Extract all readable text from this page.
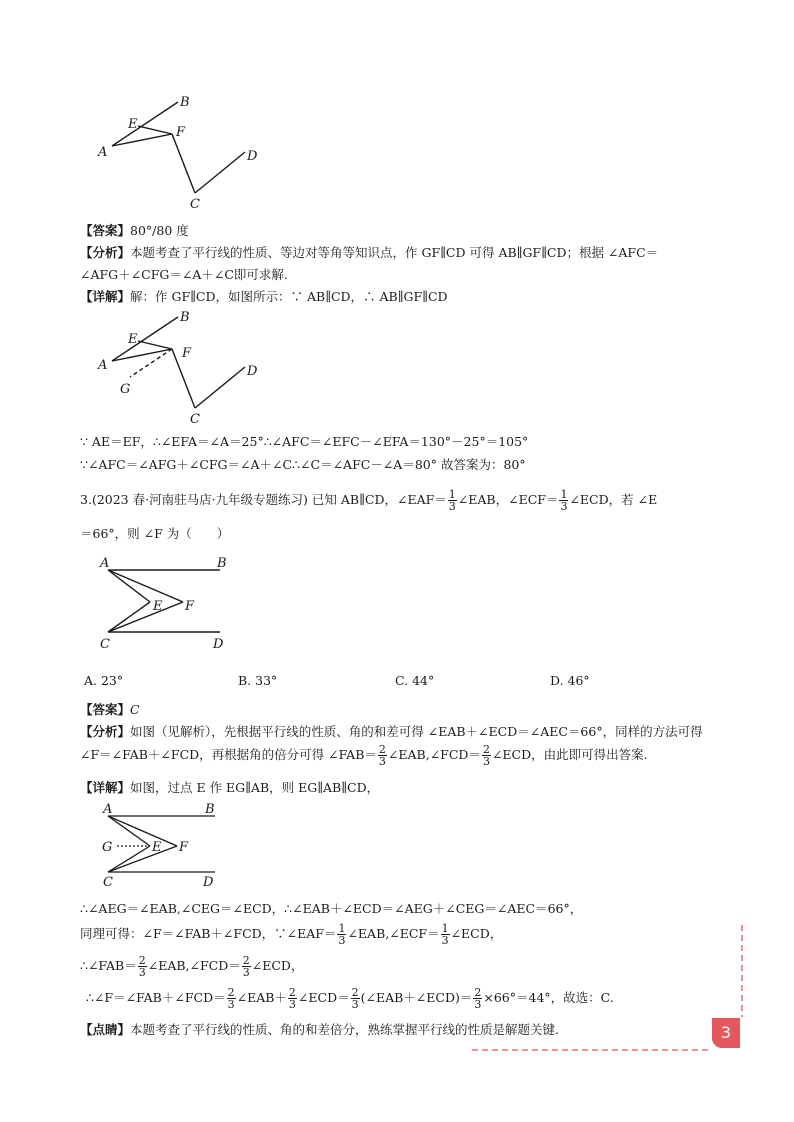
B
E
F
A	D
C
【答案】80°/80 度
【分析】本题考查了平行线的性质、等边对等角等知识点，作 GF∥CD 可得 AB∥GF∥CD；根据 ∠AFC＝
∠AFG＋∠CFG＝∠A＋∠C即可求解.
【详解】解：作 GF∥CD，如图所示：∵ AB∥CD，∴ AB∥GF∥CD
B
E
F
A
G
D
C
∵ AE＝EF，∴∠EFA＝∠A＝25°∴∠AFC＝∠EFC－∠EFA＝130°－25°＝105°
∵∠AFC＝∠AFG＋∠CFG＝∠A＋∠C∴∠C＝∠AFC－∠A＝80° 故答案为：80°
3.(2023 春·河南驻马店·九年级专题练习) 已知 AB∥CD，∠EAF＝ $\frac{1}{3}$ ∠EAB，∠ECF＝ $\frac{1}{3}$ ∠ECD，若 ∠E
＝66°，则 ∠F 为（　　）
A	B
E F
C	D
A. 23°	B. 33°	C. 44°	D. 46°
【答案】C
【分析】如图（见解析），先根据平行线的性质、角的和差可得 ∠EAB＋∠ECD＝∠AEC＝66°，同样的方法可得
∠F＝∠FAB＋∠FCD，再根据角的倍分可得 ∠FAB＝ $\frac{2}{3}$ ∠EAB,∠FCD＝ $\frac{2}{3}$ ∠ECD，由此即可得出答案.
【详解】如图，过点 E 作 EG∥AB，则 EG∥AB∥CD，
A	B
G	E F
C	D
∴∠AEG＝∠EAB,∠CEG＝∠ECD，∴∠EAB＋∠ECD＝∠AEG＋∠CEG＝∠AEC＝66°，
同理可得：∠F＝∠FAB＋∠FCD，∵∠EAF＝ $\frac{1}{3}$ ∠EAB,∠ECF＝ $\frac{1}{3}$ ∠ECD，
∴∠FAB＝ $\frac{2}{3}$ ∠EAB,∠FCD＝ $\frac{2}{3}$ ∠ECD，
∴∠F＝∠FAB＋∠FCD＝ $\frac{2}{3}$ ∠EAB＋ $\frac{2}{3}$ ∠ECD＝ $\frac{2}{3}$ (∠EAB＋∠ECD)＝ $\frac{2}{3} \times 66^\circ=44^\circ$，故选：C.
【点睛】本题考查了平行线的性质、角的和差倍分，熟练掌握平行线的性质是解题关键.	3
